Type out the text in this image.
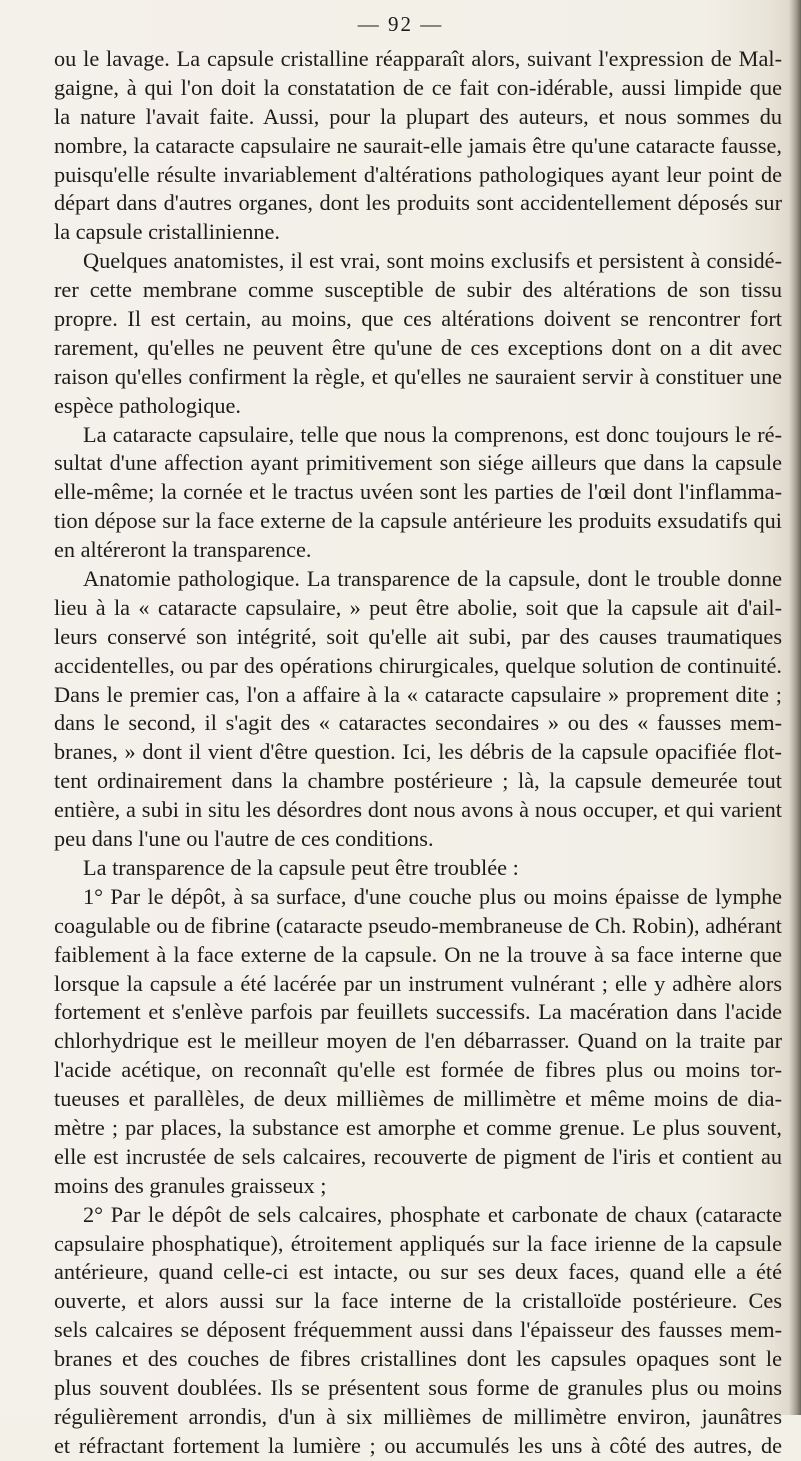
— 92 —
ou le lavage. La capsule cristalline réapparaît alors, suivant l'expression de Mal-
gaigne, à qui l'on doit la constatation de ce fait con-idérable, aussi limpide que
la nature l'avait faite. Aussi, pour la plupart des auteurs, et nous sommes du
nombre, la cataracte capsulaire ne saurait-elle jamais être qu'une cataracte fausse,
puisqu'elle résulte invariablement d'altérations pathologiques ayant leur point de
départ dans d'autres organes, dont les produits sont accidentellement déposés sur
la capsule cristallinienne.
Quelques anatomistes, il est vrai, sont moins exclusifs et persistent à considé-
rer cette membrane comme susceptible de subir des altérations de son tissu
propre. Il est certain, au moins, que ces altérations doivent se rencontrer fort
rarement, qu'elles ne peuvent être qu'une de ces exceptions dont on a dit avec
raison qu'elles confirment la règle, et qu'elles ne sauraient servir à constituer une
espèce pathologique.
La cataracte capsulaire, telle que nous la comprenons, est donc toujours le ré-
sultat d'une affection ayant primitivement son siége ailleurs que dans la capsule
elle-même; la cornée et le tractus uvéen sont les parties de l'œil dont l'inflamma-
tion dépose sur la face externe de la capsule antérieure les produits exsudatifs qui
en altéreront la transparence.
Anatomie pathologique. La transparence de la capsule, dont le trouble donne
lieu à la « cataracte capsulaire, » peut être abolie, soit que la capsule ait d'ail-
leurs conservé son intégrité, soit qu'elle ait subi, par des causes traumatiques
accidentelles, ou par des opérations chirurgicales, quelque solution de continuité.
Dans le premier cas, l'on a affaire à la « cataracte capsulaire » proprement dite ;
dans le second, il s'agit des « cataractes secondaires » ou des « fausses mem-
branes, » dont il vient d'être question. Ici, les débris de la capsule opacifiée flot-
tent ordinairement dans la chambre postérieure ; là, la capsule demeurée tout
entière, a subi in situ les désordres dont nous avons à nous occuper, et qui varient
peu dans l'une ou l'autre de ces conditions.
La transparence de la capsule peut être troublée :
1° Par le dépôt, à sa surface, d'une couche plus ou moins épaisse de lymphe
coagulable ou de fibrine (cataracte pseudo-membraneuse de Ch. Robin), adhérant
faiblement à la face externe de la capsule. On ne la trouve à sa face interne que
lorsque la capsule a été lacérée par un instrument vulnérant ; elle y adhère alors
fortement et s'enlève parfois par feuillets successifs. La macération dans l'acide
chlorhydrique est le meilleur moyen de l'en débarrasser. Quand on la traite par
l'acide acétique, on reconnaît qu'elle est formée de fibres plus ou moins tor-
tueuses et parallèles, de deux millièmes de millimètre et même moins de dia-
mètre ; par places, la substance est amorphe et comme grenue. Le plus souvent,
elle est incrustée de sels calcaires, recouverte de pigment de l'iris et contient au
moins des granules graisseux ;
2° Par le dépôt de sels calcaires, phosphate et carbonate de chaux (cataracte
capsulaire phosphatique), étroitement appliqués sur la face irienne de la capsule
antérieure, quand celle-ci est intacte, ou sur ses deux faces, quand elle a été
ouverte, et alors aussi sur la face interne de la cristalloïde postérieure. Ces
sels calcaires se déposent fréquemment aussi dans l'épaisseur des fausses mem-
branes et des couches de fibres cristallines dont les capsules opaques sont le
plus souvent doublées. Ils se présentent sous forme de granules plus ou moins
régulièrement arrondis, d'un à six millièmes de millimètre environ, jaunâtres
et réfractant fortement la lumière ; ou accumulés les uns à côté des autres, de
